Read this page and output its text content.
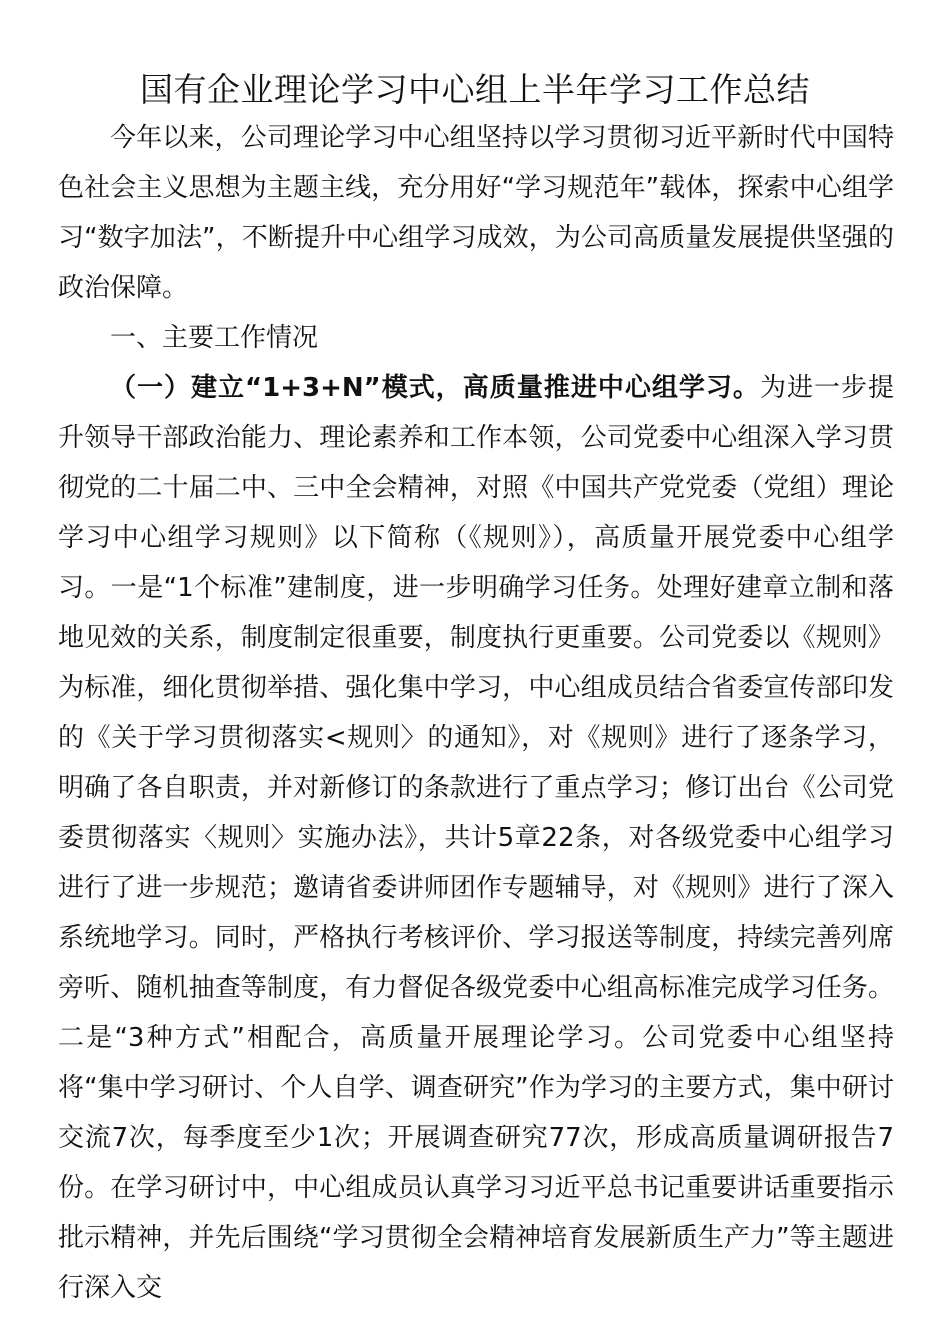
国有企业理论学习中心组上半年学习工作总结

今年以来，公司理论学习中心组坚持以学习贯彻习近平新时代中国特色社会主义思想为主题主线，充分用好“学习规范年”载体，探索中心组学习“数字加法”，不断提升中心组学习成效，为公司高质量发展提供坚强的政治保障。

一、主要工作情况

（一）建立“1+3+N”模式，高质量推进中心组学习。为进一步提升领导干部政治能力、理论素养和工作本领，公司党委中心组深入学习贯彻党的二十届二中、三中全会精神，对照《中国共产党党委（党组）理论学习中心组学习规则》以下简称（《规则》），高质量开展党委中心组学习。一是“1个标准”建制度，进一步明确学习任务。处理好建章立制和落地见效的关系，制度制定很重要，制度执行更重要。公司党委以《规则》为标准，细化贯彻举措、强化集中学习，中心组成员结合省委宣传部印发的《关于学习贯彻落实<规则〉的通知》，对《规则》进行了逐条学习，明确了各自职责，并对新修订的条款进行了重点学习；修订出台《公司党委贯彻落实〈规则〉实施办法》，共计5章22条，对各级党委中心组学习进行了进一步规范；邀请省委讲师团作专题辅导，对《规则》进行了深入系统地学习。同时，严格执行考核评价、学习报送等制度，持续完善列席旁听、随机抽查等制度，有力督促各级党委中心组高标准完成学习任务。二是“3种方式”相配合，高质量开展理论学习。公司党委中心组坚持将“集中学习研讨、个人自学、调查研究”作为学习的主要方式，集中研讨交流7次，每季度至少1次；开展调查研究77次，形成高质量调研报告7份。在学习研讨中，中心组成员认真学习习近平总书记重要讲话重要指示批示精神，并先后围绕“学习贯彻全会精神培育发展新质生产力”等主题进行深入交
